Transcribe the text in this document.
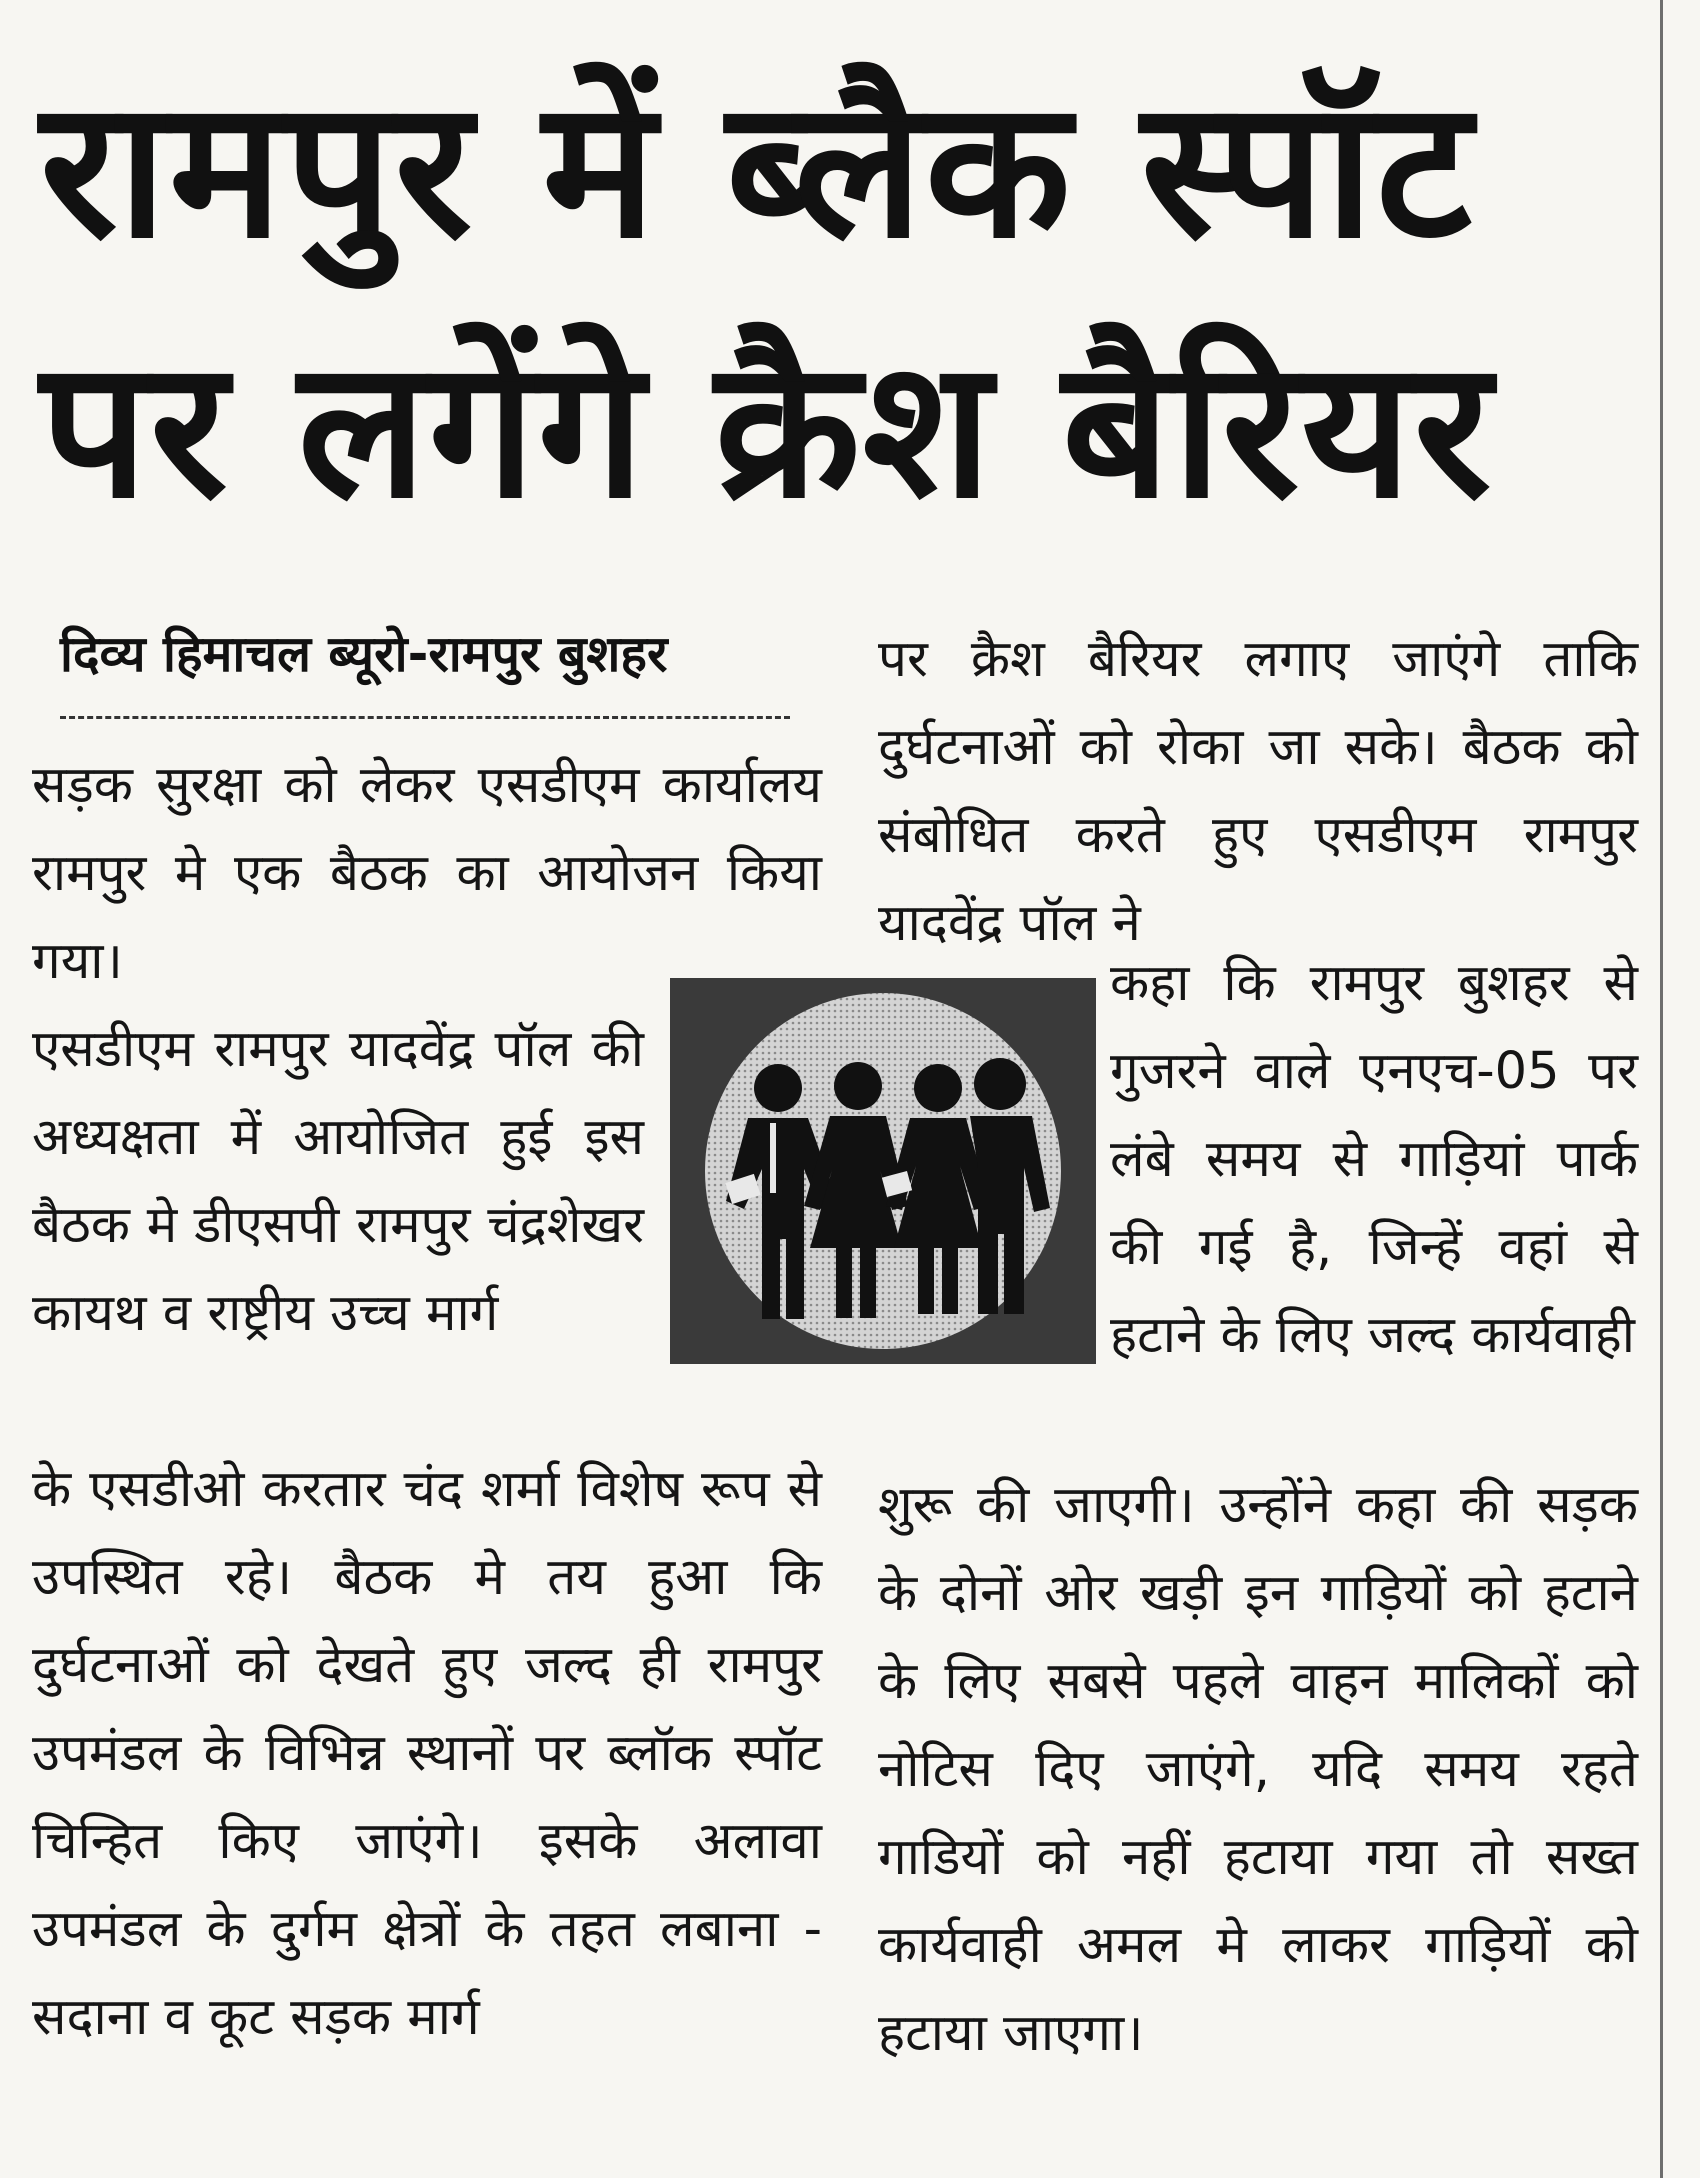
रामपुर में ब्लैक स्पॉट
पर लगेंगे क्रैश बैरियर
दिव्य हिमाचल ब्यूरो-रामपुर बुशहर

सड़क सुरक्षा को लेकर एसडीएम कार्यालय रामपुर मे एक बैठक का आयोजन किया गया।

एसडीएम रामपुर यादवेंद्र पॉल की अध्यक्षता में आयोजित हुई इस बैठक मे डीएसपी रामपुर चंद्रशेखर कायथ व राष्ट्रीय उच्च मार्ग

के एसडीओ करतार चंद शर्मा विशेष रूप से उपस्थित रहे। बैठक मे तय हुआ कि दुर्घटनाओं को देखते हुए जल्द ही रामपुर उपमंडल के विभिन्न स्थानों पर ब्लॉक स्पॉट चिन्हित किए जाएंगे। इसके अलावा उपमंडल के दुर्गम क्षेत्रों के तहत लबाना - सदाना व कूट सड़क मार्ग

पर क्रैश बैरियर लगाए जाएंगे ताकि दुर्घटनाओं को रोका जा सके। बैठक को संबोधित करते हुए एसडीएम रामपुर यादवेंद्र पॉल ने

कहा कि रामपुर बुशहर से गुजरने वाले एनएच-05 पर लंबे समय से गाड़ियां पार्क की गई है, जिन्हें वहां से हटाने के लिए जल्द कार्यवाही

शुरू की जाएगी। उन्होंने कहा की सड़क के दोनों ओर खड़ी इन गाड़ियों को हटाने के लिए सबसे पहले वाहन मालिकों को नोटिस दिए जाएंगे, यदि समय रहते गाडियों को नहीं हटाया गया तो सख्त कार्यवाही अमल मे लाकर गाड़ियों को हटाया जाएगा।
